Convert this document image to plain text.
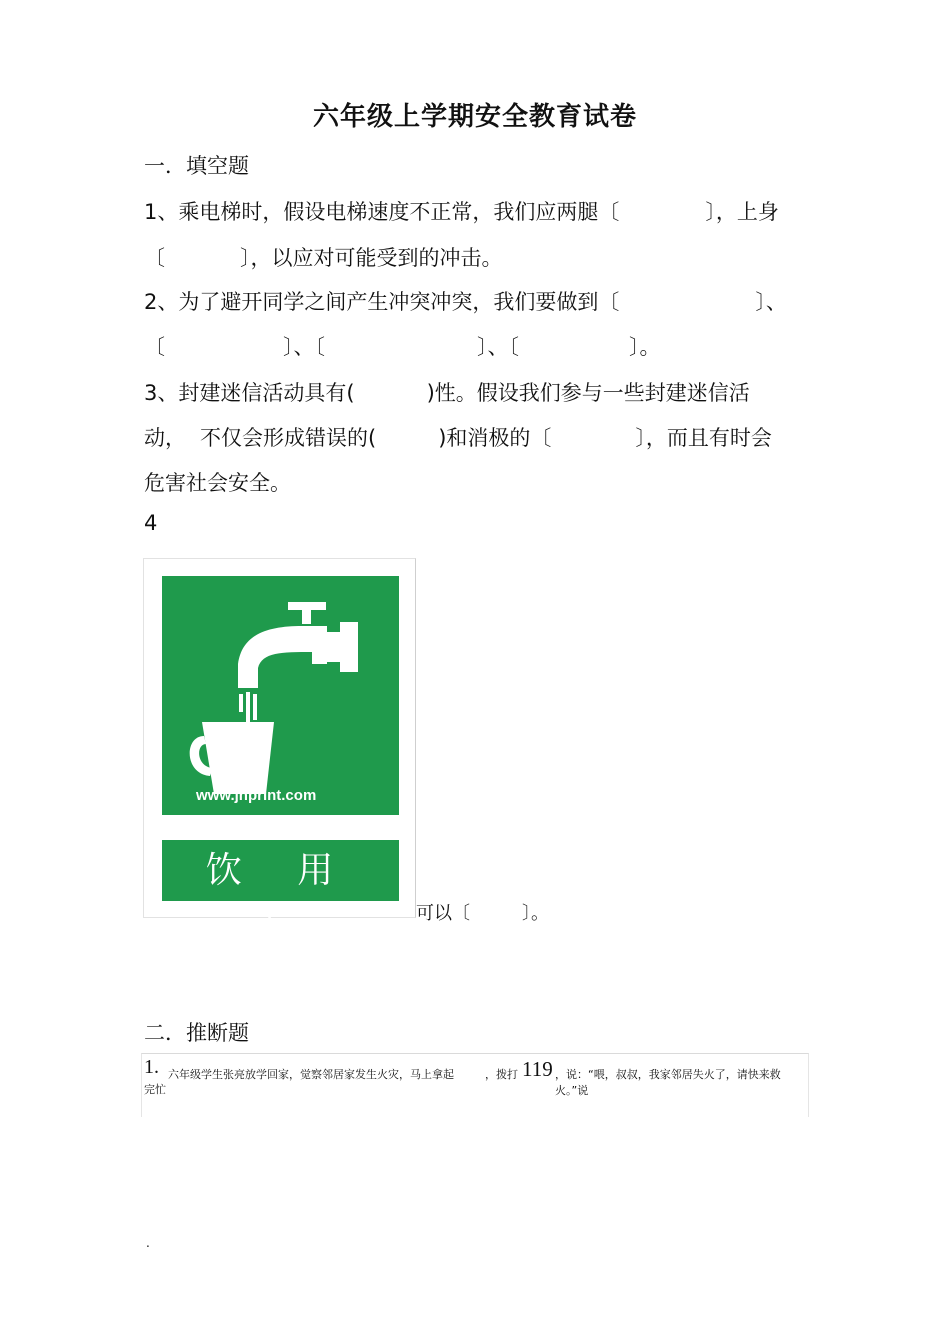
六年级上学期安全教育试卷
一．填空题
1、乘电梯时，假设电梯速度不正常，我们应两腿〔	〕，上身
〔	〕，以应对可能受到的冲击。
2、为了避开同学之间产生冲突冲突，我们要做到〔	〕、
〔	〕、〔	〕、〔	〕。
3、封建迷信活动具有(	)性。假设我们参与一些封建迷信活
动， 不仅会形成错误的(	)和消极的〔	〕，而且有时会
危害社会安全。
4
www.jnprint.com
饮 用 水	可以〔	〕。
二．推断题
1. 六年级学生张亮放学回家，觉察邻居家发生火灾，马上拿起	，拨打 119 ，说：“喂，叔叔，我家邻居失火了，请快来救火。”说
完忙
.
